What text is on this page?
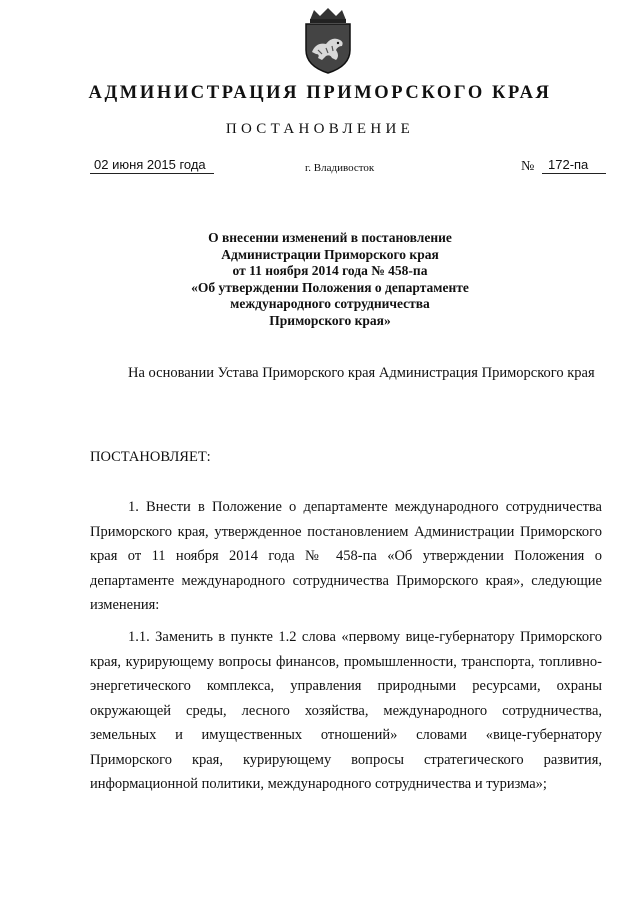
АДМИНИСТРАЦИЯ ПРИМОРСКОГО КРАЯ
ПОСТАНОВЛЕНИЕ
02 июня 2015 года	г. Владивосток	№	172-па
О внесении изменений в постановление
Администрации Приморского края
от 11 ноября 2014 года № 458-па
«Об утверждении Положения о департаменте
международного сотрудничества
Приморского края»

На основании Устава Приморского края Администрация Приморского края

ПОСТАНОВЛЯЕТ:

1. Внести в Положение о департаменте международного сотрудничества Приморского края, утвержденное постановлением Администрации Приморского края от 11 ноября 2014 года № 458-па «Об утверждении Положения о департаменте международного сотрудничества Приморского края», следующие изменения:

1.1. Заменить в пункте 1.2 слова «первому вице-губернатору Приморского края, курирующему вопросы финансов, промышленности, транспорта, топливно-энергетического комплекса, управления природными ресурсами, охраны окружающей среды, лесного хозяйства, международного сотрудничества, земельных и имущественных отношений» словами «вице-губернатору Приморского края, курирующему вопросы стратегического развития, информационной политики, международного сотрудничества и туризма»;
